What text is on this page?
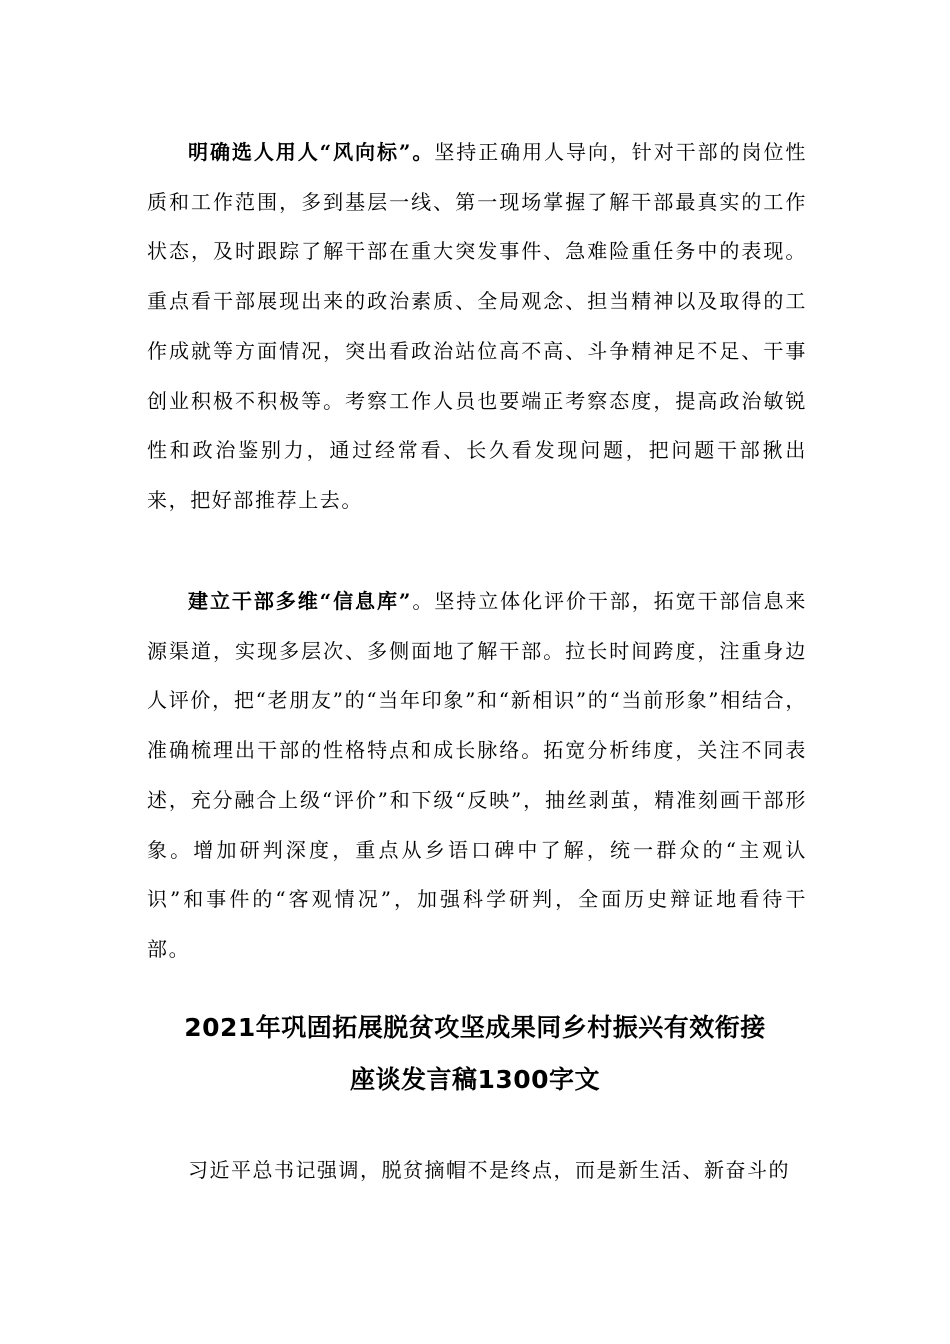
明确选人用人“风向标”。坚持正确用人导向，针对干部的岗位性质和工作范围，多到基层一线、第一现场掌握了解干部最真实的工作状态，及时跟踪了解干部在重大突发事件、急难险重任务中的表现。重点看干部展现出来的政治素质、全局观念、担当精神以及取得的工作成就等方面情况，突出看政治站位高不高、斗争精神足不足、干事创业积极不积极等。考察工作人员也要端正考察态度，提高政治敏锐性和政治鉴别力，通过经常看、长久看发现问题，把问题干部揪出来，把好部推荐上去。

建立干部多维“信息库”。坚持立体化评价干部，拓宽干部信息来源渠道，实现多层次、多侧面地了解干部。拉长时间跨度，注重身边人评价，把“老朋友”的“当年印象”和“新相识”的“当前形象”相结合，准确梳理出干部的性格特点和成长脉络。拓宽分析纬度，关注不同表述，充分融合上级“评价”和下级“反映”，抽丝剥茧，精准刻画干部形象。增加研判深度，重点从乡语口碑中了解，统一群众的“主观认识”和事件的“客观情况”，加强科学研判，全面历史辩证地看待干部。

2021年巩固拓展脱贫攻坚成果同乡村振兴有效衔接
座谈发言稿1300字文

习近平总书记强调，脱贫摘帽不是终点，而是新生活、新奋斗的
